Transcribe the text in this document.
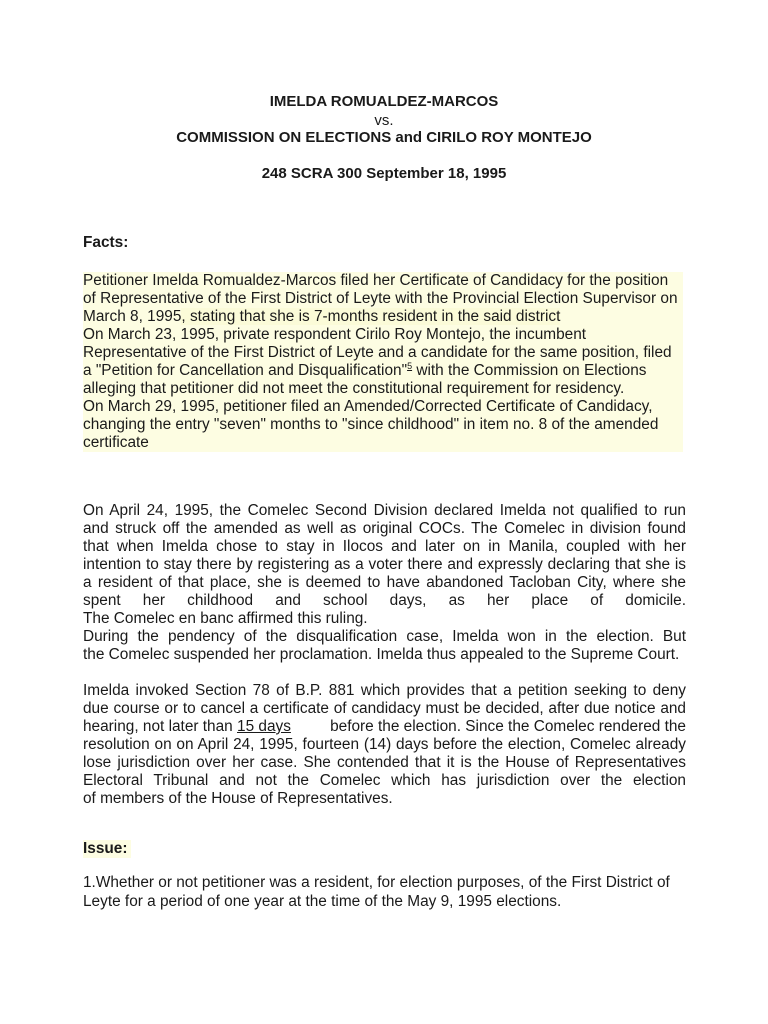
IMELDA ROMUALDEZ-MARCOS
vs.
COMMISSION ON ELECTIONS and CIRILO ROY MONTEJO
248 SCRA 300 September 18, 1995
Facts:
Petitioner Imelda Romualdez-Marcos filed her Certificate of Candidacy for the position
of Representative of the First District of Leyte with the Provincial Election Supervisor on
March 8, 1995, stating that she is 7-months resident in the said district
On March 23, 1995, private respondent Cirilo Roy Montejo, the incumbent
Representative of the First District of Leyte and a candidate for the same position, filed
a "Petition for Cancellation and Disqualification"$^5$ with the Commission on Elections
alleging that petitioner did not meet the constitutional requirement for residency.
On March 29, 1995, petitioner filed an Amended/Corrected Certificate of Candidacy,
changing the entry "seven" months to "since childhood" in item no. 8 of the amended
certificate
On April 24, 1995, the Comelec Second Division declared Imelda not qualified to run
and struck off the amended as well as original COCs. The Comelec in division found
that when Imelda chose to stay in Ilocos and later on in Manila, coupled with her
intention to stay there by registering as a voter there and expressly declaring that she is
a resident of that place, she is deemed to have abandoned Tacloban City, where she
spent her childhood and school days, as her place of domicile.
The Comelec en banc affirmed this ruling.
During the pendency of the disqualification case, Imelda won in the election. But
the Comelec suspended her proclamation. Imelda thus appealed to the Supreme Court.
Imelda invoked Section 78 of B.P. 881 which provides that a petition seeking to deny
due course or to cancel a certificate of candidacy must be decided, after due notice and
hearing, not later than 15 days	before the election. Since the Comelec rendered the
resolution on on April 24, 1995, fourteen (14) days before the election, Comelec already
lose jurisdiction over her case. She contended that it is the House of Representatives
Electoral Tribunal and not the Comelec which has jurisdiction over the election
of members of the House of Representatives.
Issue:
1.Whether or not petitioner was a resident, for election purposes, of the First District of
Leyte for a period of one year at the time of the May 9, 1995 elections.
